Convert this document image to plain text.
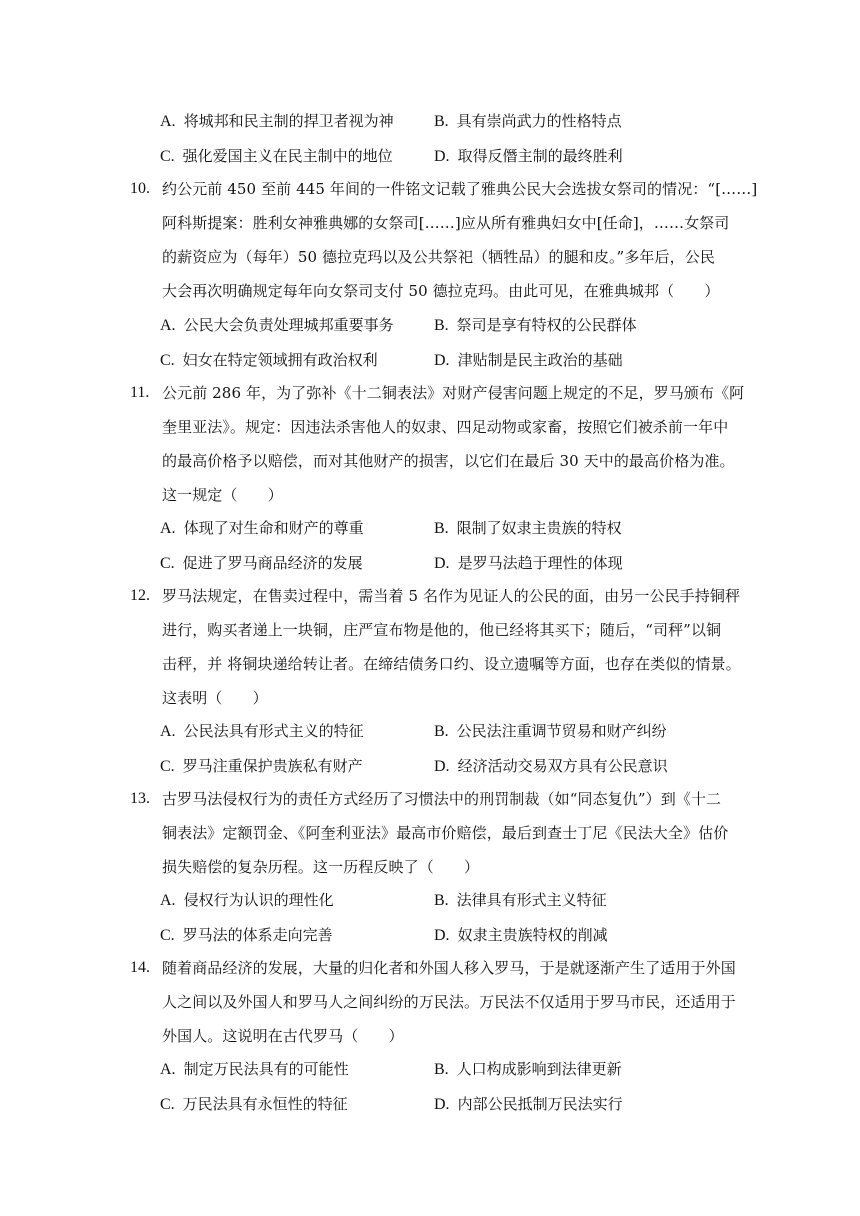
A. 将城邦和民主制的捍卫者视为神	B. 具有崇尚武力的性格特点
C. 强化爱国主义在民主制中的地位	D. 取得反僭主制的最终胜利
10. 约公元前 450 至前 445 年间的一件铭文记载了雅典公民大会选拔女祭司的情况：“[……]
阿科斯提案：胜利女神雅典娜的女祭司[……]应从所有雅典妇女中[任命]，……女祭司
的薪资应为（每年）50 德拉克玛以及公共祭祀（牺牲品）的腿和皮。”多年后，公民
大会再次明确规定每年向女祭司支付 50 德拉克玛。由此可见，在雅典城邦（　　）
A. 公民大会负责处理城邦重要事务	B. 祭司是享有特权的公民群体
C. 妇女在特定领域拥有政治权利	D. 津贴制是民主政治的基础
11. 公元前 286 年，为了弥补《十二铜表法》对财产侵害问题上规定的不足，罗马颁布《阿
奎里亚法》。规定：因违法杀害他人的奴隶、四足动物或家畜，按照它们被杀前一年中
的最高价格予以赔偿，而对其他财产的损害，以它们在最后 30 天中的最高价格为准。
这一规定（　　）
A. 体现了对生命和财产的尊重	B. 限制了奴隶主贵族的特权
C. 促进了罗马商品经济的发展	D. 是罗马法趋于理性的体现
12. 罗马法规定，在售卖过程中，需当着 5 名作为见证人的公民的面，由另一公民手持铜秤
进行，购买者递上一块铜，庄严宣布物是他的，他已经将其买下；随后，“司秤”以铜
击秤，并 将铜块递给转让者。在缔结债务口约、设立遗嘱等方面，也存在类似的情景。
这表明（　　）
A. 公民法具有形式主义的特征	B. 公民法注重调节贸易和财产纠纷
C. 罗马注重保护贵族私有财产	D. 经济活动交易双方具有公民意识
13. 古罗马法侵权行为的责任方式经历了习惯法中的刑罚制裁（如“同态复仇”）到《十二
铜表法》定额罚金、《阿奎利亚法》最高市价赔偿，最后到查士丁尼《民法大全》估价
损失赔偿的复杂历程。这一历程反映了（　　）
A. 侵权行为认识的理性化	B. 法律具有形式主义特征
C. 罗马法的体系走向完善	D. 奴隶主贵族特权的削减
14. 随着商品经济的发展，大量的归化者和外国人移入罗马，于是就逐渐产生了适用于外国
人之间以及外国人和罗马人之间纠纷的万民法。万民法不仅适用于罗马市民，还适用于
外国人。这说明在古代罗马（　　）
A. 制定万民法具有的可能性	B. 人口构成影响到法律更新
C. 万民法具有永恒性的特征	D. 内部公民抵制万民法实行
